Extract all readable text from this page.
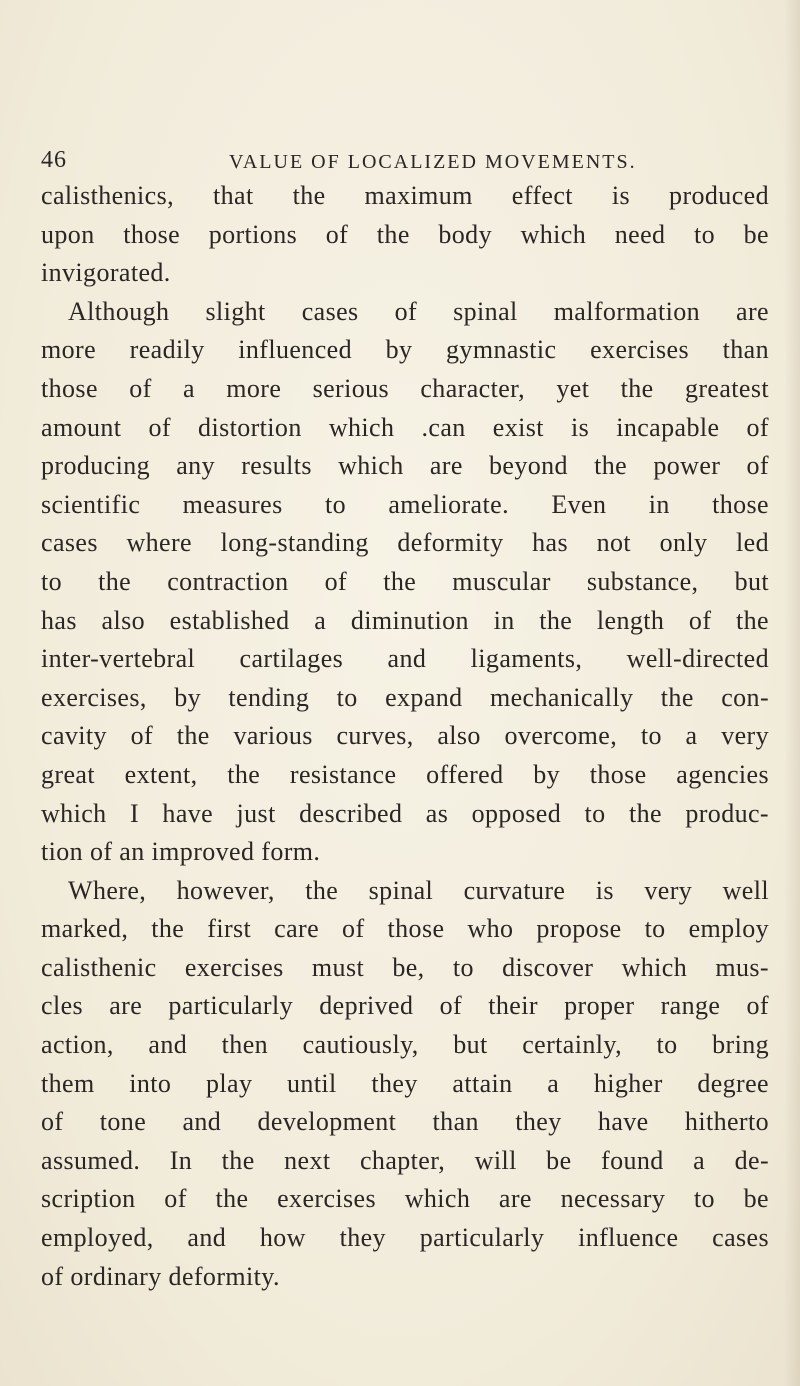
46	VALUE OF LOCALIZED MOVEMENTS.
calisthenics, that the maximum effect is produced
upon those portions of the body which need to be
invigorated.
Although slight cases of spinal malformation are
more readily influenced by gymnastic exercises than
those of a more serious character, yet the greatest
amount of distortion which .can exist is incapable of
producing any results which are beyond the power of
scientific measures to ameliorate. Even in those
cases where long-standing deformity has not only led
to the contraction of the muscular substance, but
has also established a diminution in the length of the
inter-vertebral cartilages and ligaments, well-directed
exercises, by tending to expand mechanically the con-
cavity of the various curves, also overcome, to a very
great extent, the resistance offered by those agencies
which I have just described as opposed to the produc-
tion of an improved form.
Where, however, the spinal curvature is very well
marked, the first care of those who propose to employ
calisthenic exercises must be, to discover which mus-
cles are particularly deprived of their proper range of
action, and then cautiously, but certainly, to bring
them into play until they attain a higher degree
of tone and development than they have hitherto
assumed. In the next chapter, will be found a de-
scription of the exercises which are necessary to be
employed, and how they particularly influence cases
of ordinary deformity.
